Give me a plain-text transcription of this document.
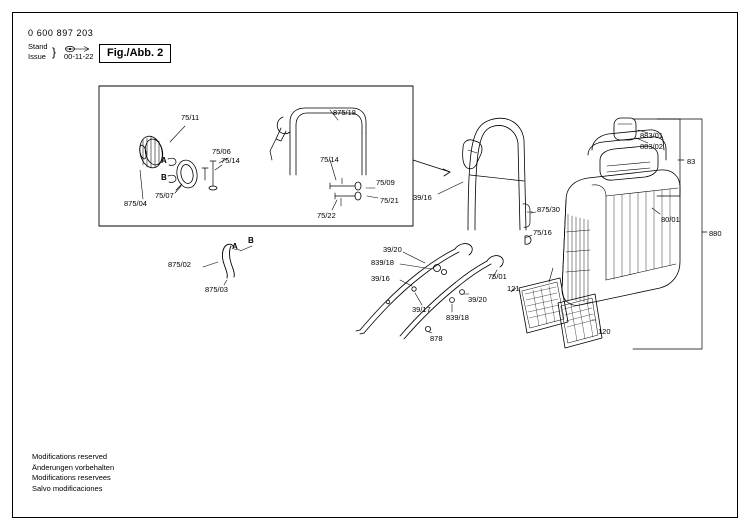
0 600 897 203
Stand
Issue } 00-11-22	Fig./Abb. 2
75/11
75/06
75/14
875/04
75/07
A
B
875/18
75/14
75/09
75/21
75/22
875/02
875/03
A
B
39/20
839/18
39/16
39/17
839/18
39/20
878
39/16
75/01
121
875/30
75/16
883/01
883/02
83
80/01
880
120
Modifications reserved
Änderungen vorbehalten
Modifications reservees
Salvo modificaciones
